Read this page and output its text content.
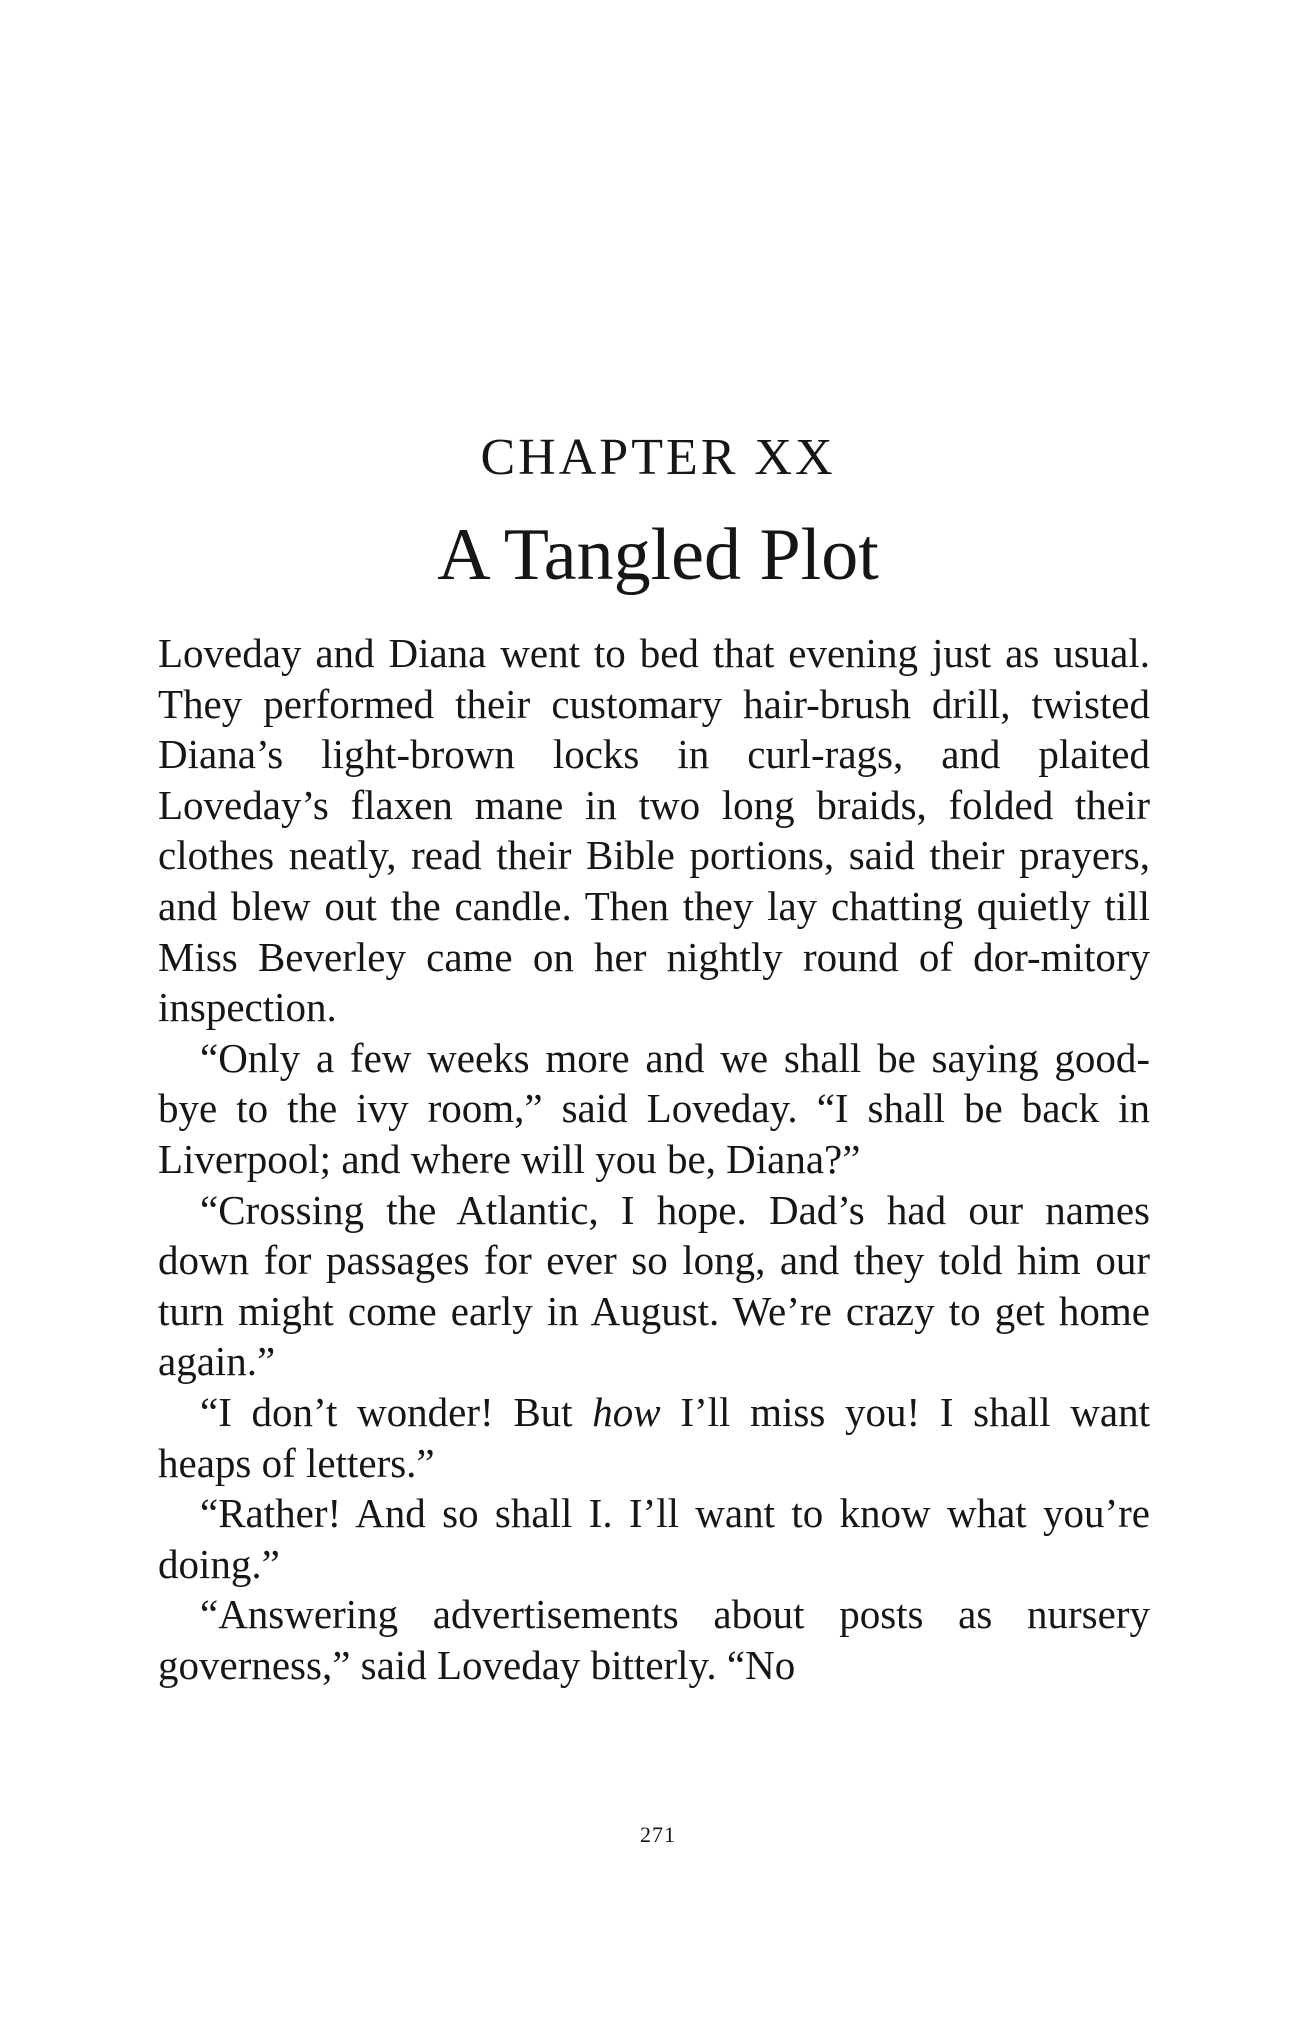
CHAPTER XX
A Tangled Plot

Loveday and Diana went to bed that evening just as usual. They performed their customary hair-brush drill, twisted Diana’s light-brown locks in curl-rags, and plaited Loveday’s flaxen mane in two long braids, folded their clothes neatly, read their Bible portions, said their prayers, and blew out the candle. Then they lay chatting quietly till Miss Beverley came on her nightly round of dor-mitory inspection.

“Only a few weeks more and we shall be saying good-bye to the ivy room,” said Loveday. “I shall be back in Liverpool; and where will you be, Diana?”

“Crossing the Atlantic, I hope. Dad’s had our names down for passages for ever so long, and they told him our turn might come early in August. We’re crazy to get home again.”

“I don’t wonder! But how I’ll miss you! I shall want heaps of letters.”

“Rather! And so shall I. I’ll want to know what you’re doing.”

“Answering advertisements about posts as nursery governess,” said Loveday bitterly. “No

271
